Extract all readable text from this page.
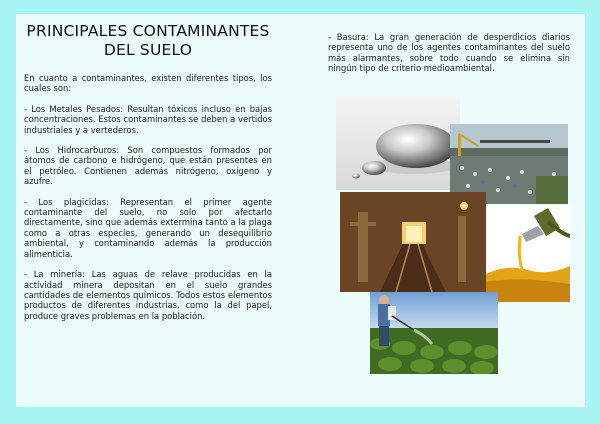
PRINCIPALES CONTAMINANTES DEL SUELO

En cuanto a contaminantes, existen diferentes tipos, los cuales son:

- Los Metales Pesados: Resultan tóxicos incluso en bajas concentraciones. Estos contaminantes se deben a vertidos industriales y a vertederos.

- Los Hidrocarburos: Son compuestos formados por átomos de carbono e hidrógeno, que están presentes en el petróleo. Contienen además nitrógeno, oxígeno y azufre.

- Los plagicidas: Representan el primer agente contaminante del suelo, no solo por afectarlo directamente, sino que además extermina tanto a la plaga como a otras especies, generando un desequilibrio ambiental, y contaminando además la producción alimenticia.

- La minería: Las aguas de relave producidas en la actividad minera depositan en el suelo grandes cantidades de elementos químicos. Todos estos elementos productos de diferentes industrias, como la del papel, produce graves problemas en la población.

- Basura: La gran generación de desperdicios diarios representa uno de los agentes contaminantes del suelo más alarmantes, sobre todo cuando se elimina sin ningún tipo de criterio medioambiental.
